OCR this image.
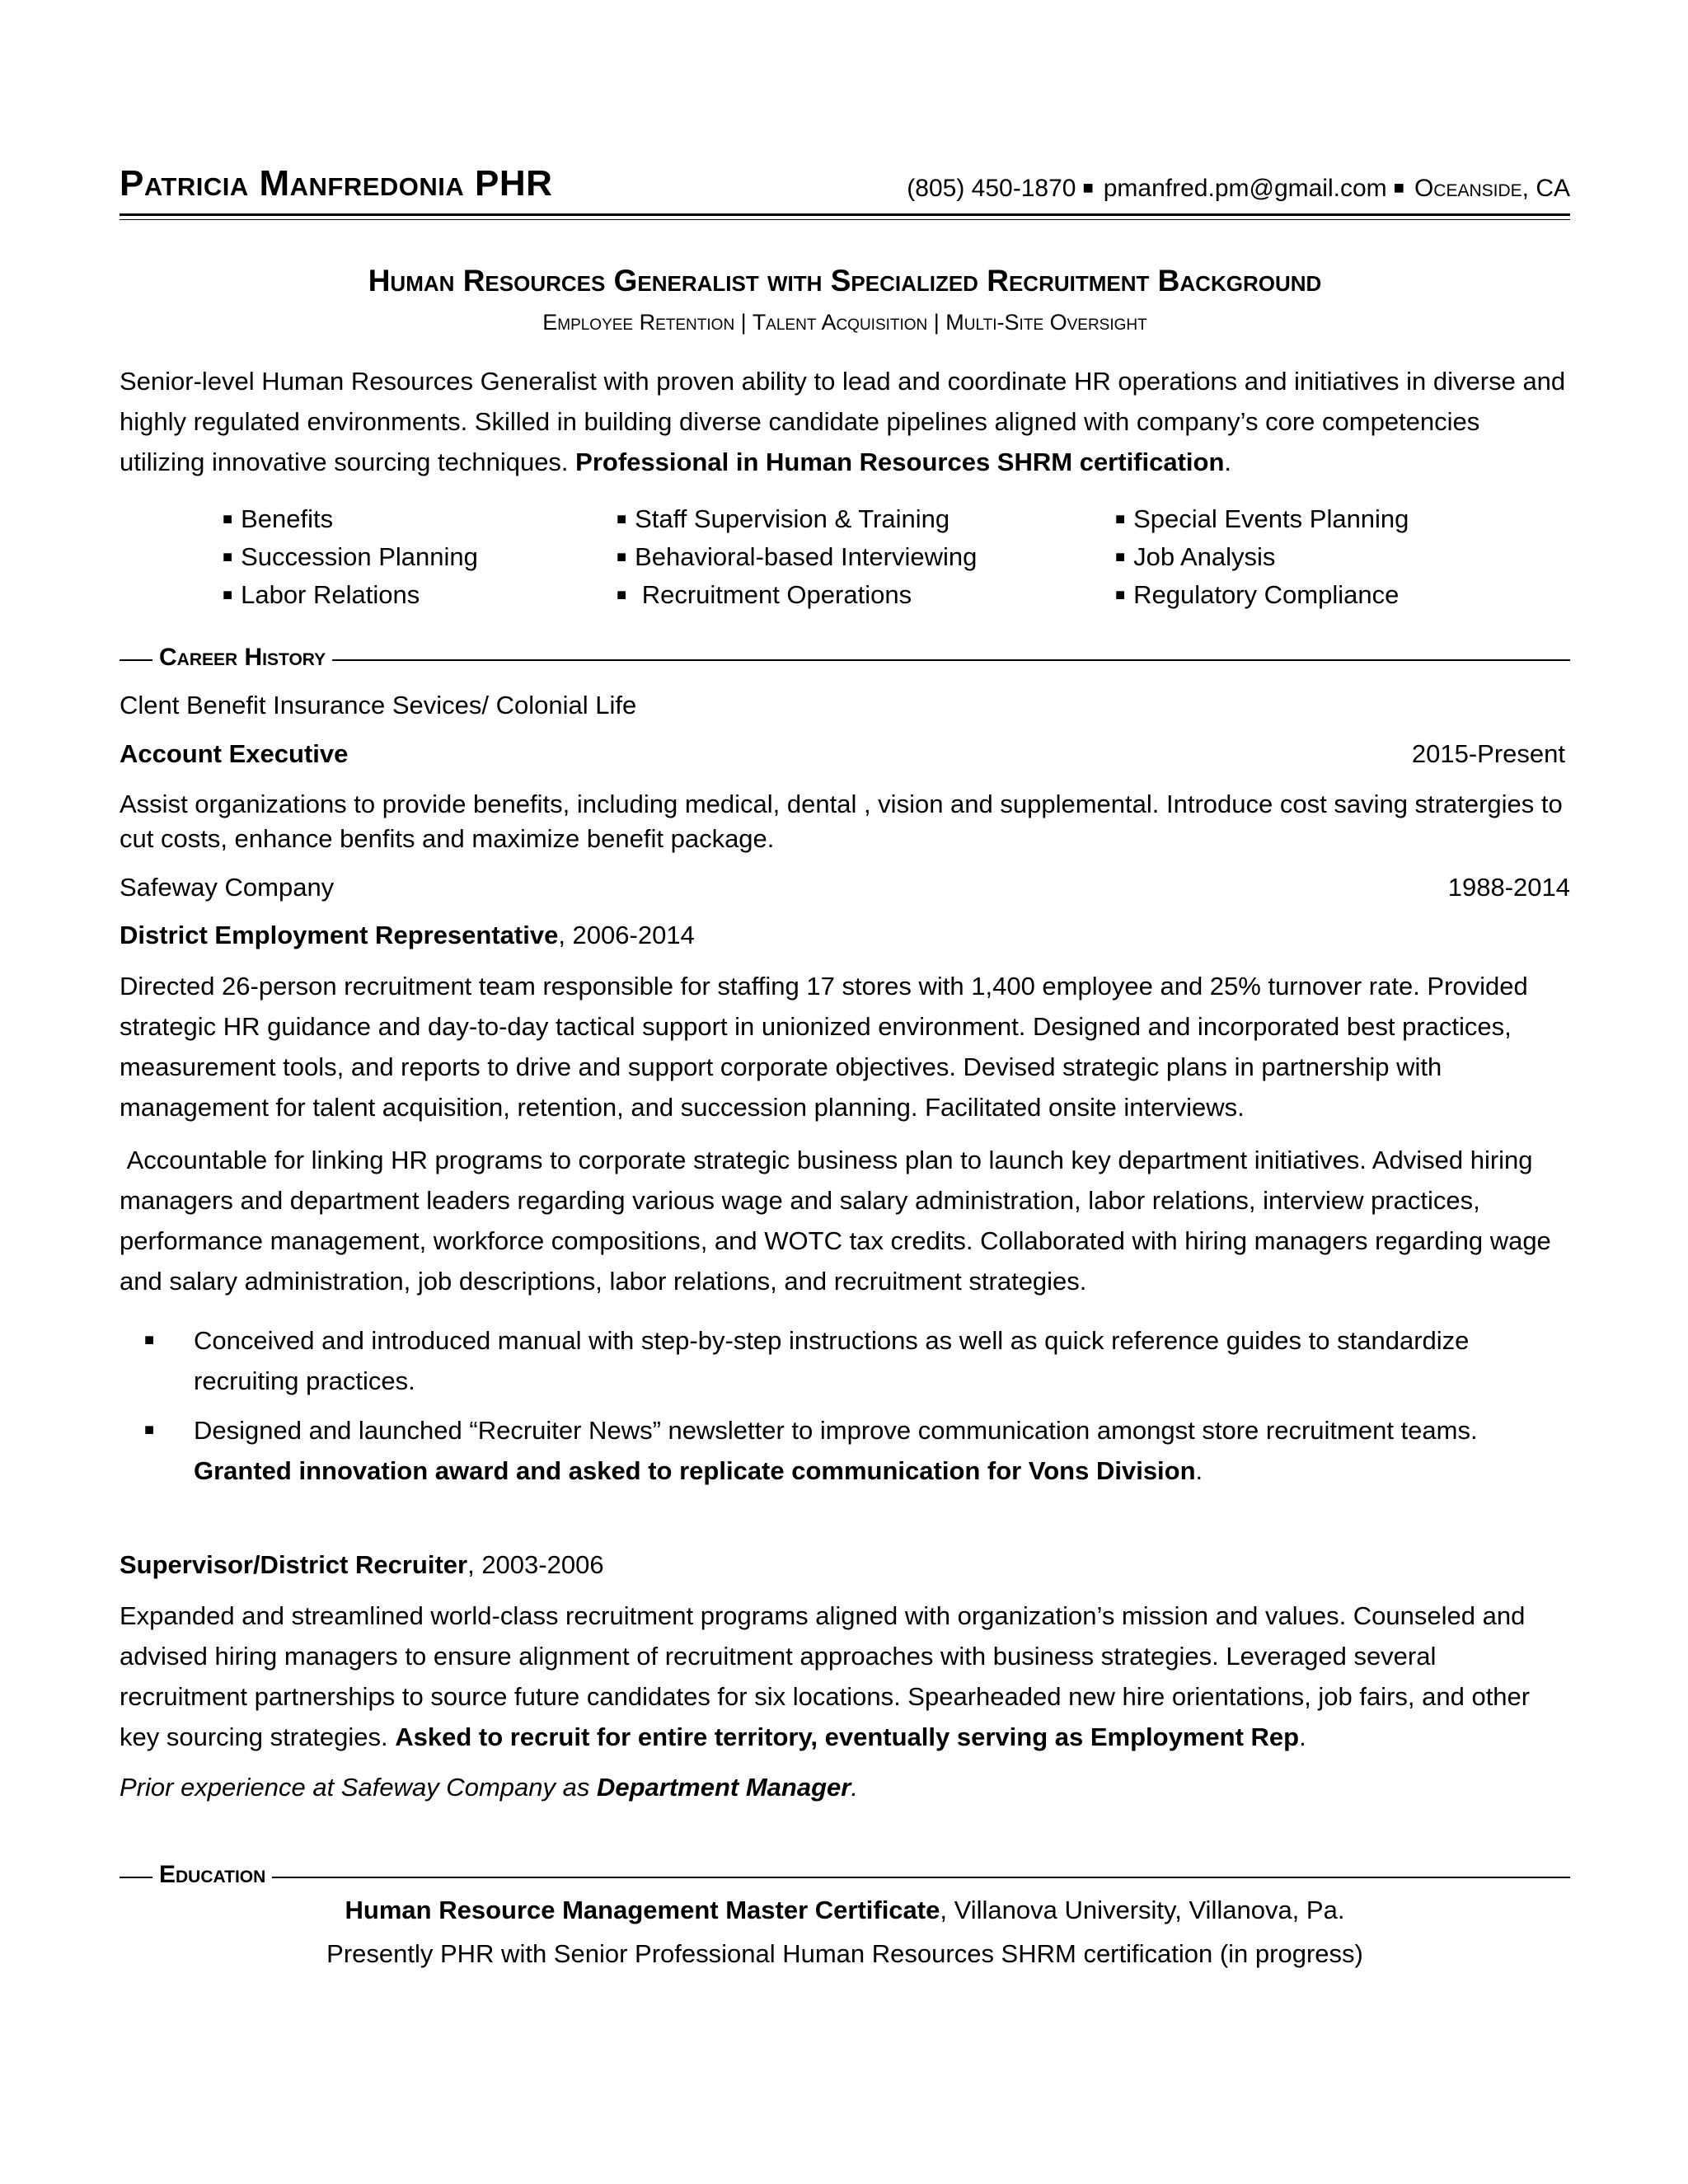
Patricia Manfredonia PHR	(805) 450-1870 ■ pmanfred.pm@gmail.com ■ Oceanside, CA
Human Resources Generalist with Specialized Recruitment Background
Employee Retention | Talent Acquisition | Multi-Site Oversight
Senior-level Human Resources Generalist with proven ability to lead and coordinate HR operations and initiatives in diverse and highly regulated environments. Skilled in building diverse candidate pipelines aligned with company’s core competencies utilizing innovative sourcing techniques. Professional in Human Resources SHRM certification.
■ Benefits
■ Succession Planning
■ Labor Relations
■ Staff Supervision & Training
■ Behavioral-based Interviewing
■ Recruitment Operations
■ Special Events Planning
■ Job Analysis
■ Regulatory Compliance
Career History
Clent Benefit Insurance Sevices/ Colonial Life
Account Executive	2015-Present
Assist organizations to provide benefits, including medical, dental , vision and supplemental. Introduce cost saving stratergies to cut costs, enhance benfits and maximize benefit package.
Safeway Company	1988-2014
District Employment Representative, 2006-2014
Directed 26-person recruitment team responsible for staffing 17 stores with 1,400 employee and 25% turnover rate. Provided strategic HR guidance and day-to-day tactical support in unionized environment. Designed and incorporated best practices, measurement tools, and reports to drive and support corporate objectives. Devised strategic plans in partnership with management for talent acquisition, retention, and succession planning. Facilitated onsite interviews.
Accountable for linking HR programs to corporate strategic business plan to launch key department initiatives. Advised hiring managers and department leaders regarding various wage and salary administration, labor relations, interview practices, performance management, workforce compositions, and WOTC tax credits. Collaborated with hiring managers regarding wage and salary administration, job descriptions, labor relations, and recruitment strategies.
■ Conceived and introduced manual with step-by-step instructions as well as quick reference guides to standardize recruiting practices.
■ Designed and launched “Recruiter News” newsletter to improve communication amongst store recruitment teams. Granted innovation award and asked to replicate communication for Vons Division.
Supervisor/District Recruiter, 2003-2006
Expanded and streamlined world-class recruitment programs aligned with organization’s mission and values. Counseled and advised hiring managers to ensure alignment of recruitment approaches with business strategies. Leveraged several recruitment partnerships to source future candidates for six locations. Spearheaded new hire orientations, job fairs, and other key sourcing strategies. Asked to recruit for entire territory, eventually serving as Employment Rep.
Prior experience at Safeway Company as Department Manager.
Education
Human Resource Management Master Certificate, Villanova University, Villanova, Pa.
Presently PHR with Senior Professional Human Resources SHRM certification (in progress)
